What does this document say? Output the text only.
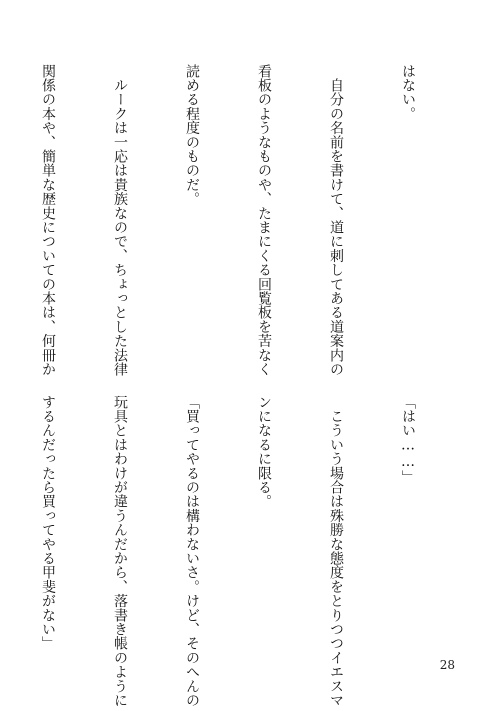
はない。

　自分の名前を書けて、道に刺してある道案内の

看板のようなものや、たまにくる回覧板を苦なく

読める程度のものだ。

　ルークは一応は貴族なので、ちょっとした法律

関係の本や、簡単な歴史についての本は、何冊か

「はい……」

　こういう場合は殊勝な態度をとりつつイエスマ

ンになるに限る。

「買ってやるのは構わないさ。けど、そのへんの

玩具とはわけが違うんだから、落書き帳のように

するんだったら買ってやる甲斐がない」

28
